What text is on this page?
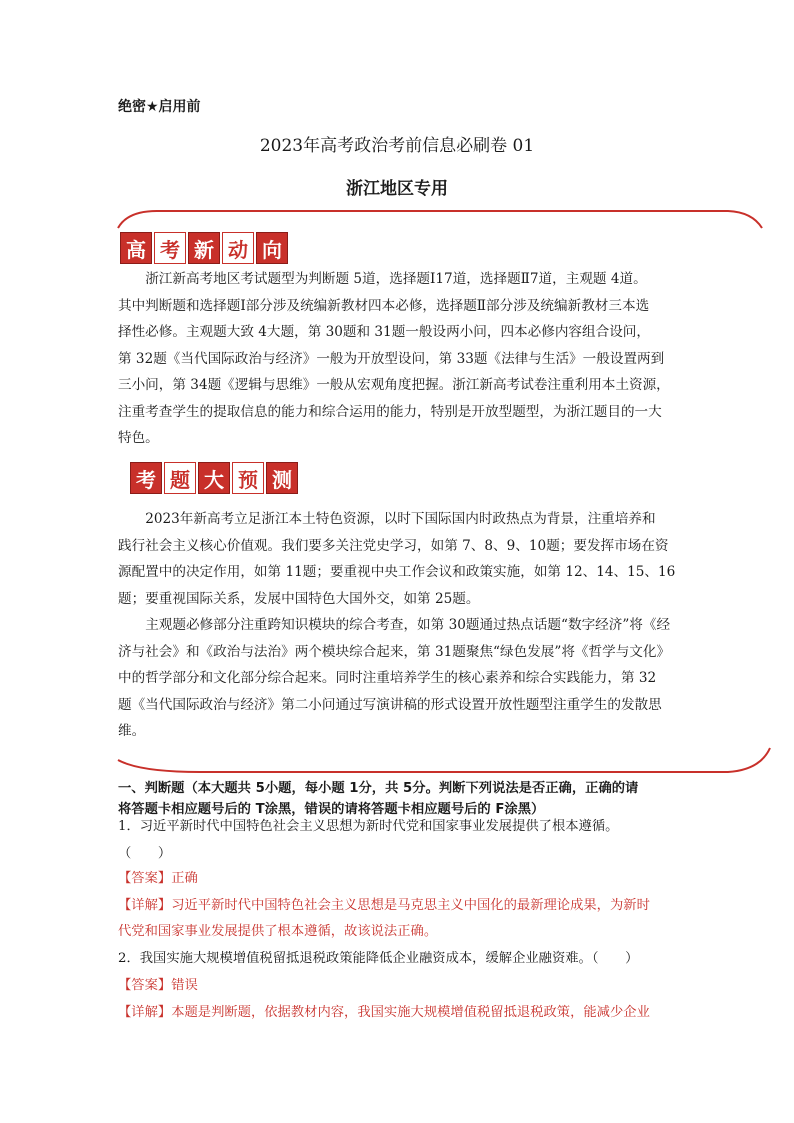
绝密★启用前
2023年高考政治考前信息必刷卷 01
浙江地区专用
高 考 新 动 向
浙江新高考地区考试题型为判断题 5道，选择题Ⅰ17道，选择题Ⅱ7道，主观题 4道。
其中判断题和选择题Ⅰ部分涉及统编新教材四本必修，选择题Ⅱ部分涉及统编新教材三本选
择性必修。主观题大致 4大题，第 30题和 31题一般设两小问，四本必修内容组合设问，
第 32题《当代国际政治与经济》一般为开放型设问，第 33题《法律与生活》一般设置两到
三小问，第 34题《逻辑与思维》一般从宏观角度把握。浙江新高考试卷注重利用本土资源，
注重考查学生的提取信息的能力和综合运用的能力，特别是开放型题型，为浙江题目的一大
特色。
考 题 大 预 测
2023年新高考立足浙江本土特色资源，以时下国际国内时政热点为背景，注重培养和
践行社会主义核心价值观。我们要多关注党史学习，如第 7、8、9、10题；要发挥市场在资
源配置中的决定作用，如第 11题；要重视中央工作会议和政策实施，如第 12、14、15、16
题；要重视国际关系，发展中国特色大国外交，如第 25题。
主观题必修部分注重跨知识模块的综合考查，如第 30题通过热点话题“数字经济”将《经
济与社会》和《政治与法治》两个模块综合起来，第 31题聚焦“绿色发展”将《哲学与文化》
中的哲学部分和文化部分综合起来。同时注重培养学生的核心素养和综合实践能力，第 32
题《当代国际政治与经济》第二小问通过写演讲稿的形式设置开放性题型注重学生的发散思
维。
一、判断题（本大题共 5小题，每小题 1分，共 5分。判断下列说法是否正确，正确的请
将答题卡相应题号后的 T涂黑，错误的请将答题卡相应题号后的 F涂黑）
1．习近平新时代中国特色社会主义思想为新时代党和国家事业发展提供了根本遵循。
（　　）
【答案】正确
【详解】习近平新时代中国特色社会主义思想是马克思主义中国化的最新理论成果，为新时
代党和国家事业发展提供了根本遵循，故该说法正确。
2．我国实施大规模增值税留抵退税政策能降低企业融资成本，缓解企业融资难。（　　）
【答案】错误
【详解】本题是判断题，依据教材内容，我国实施大规模增值税留抵退税政策，能减少企业
